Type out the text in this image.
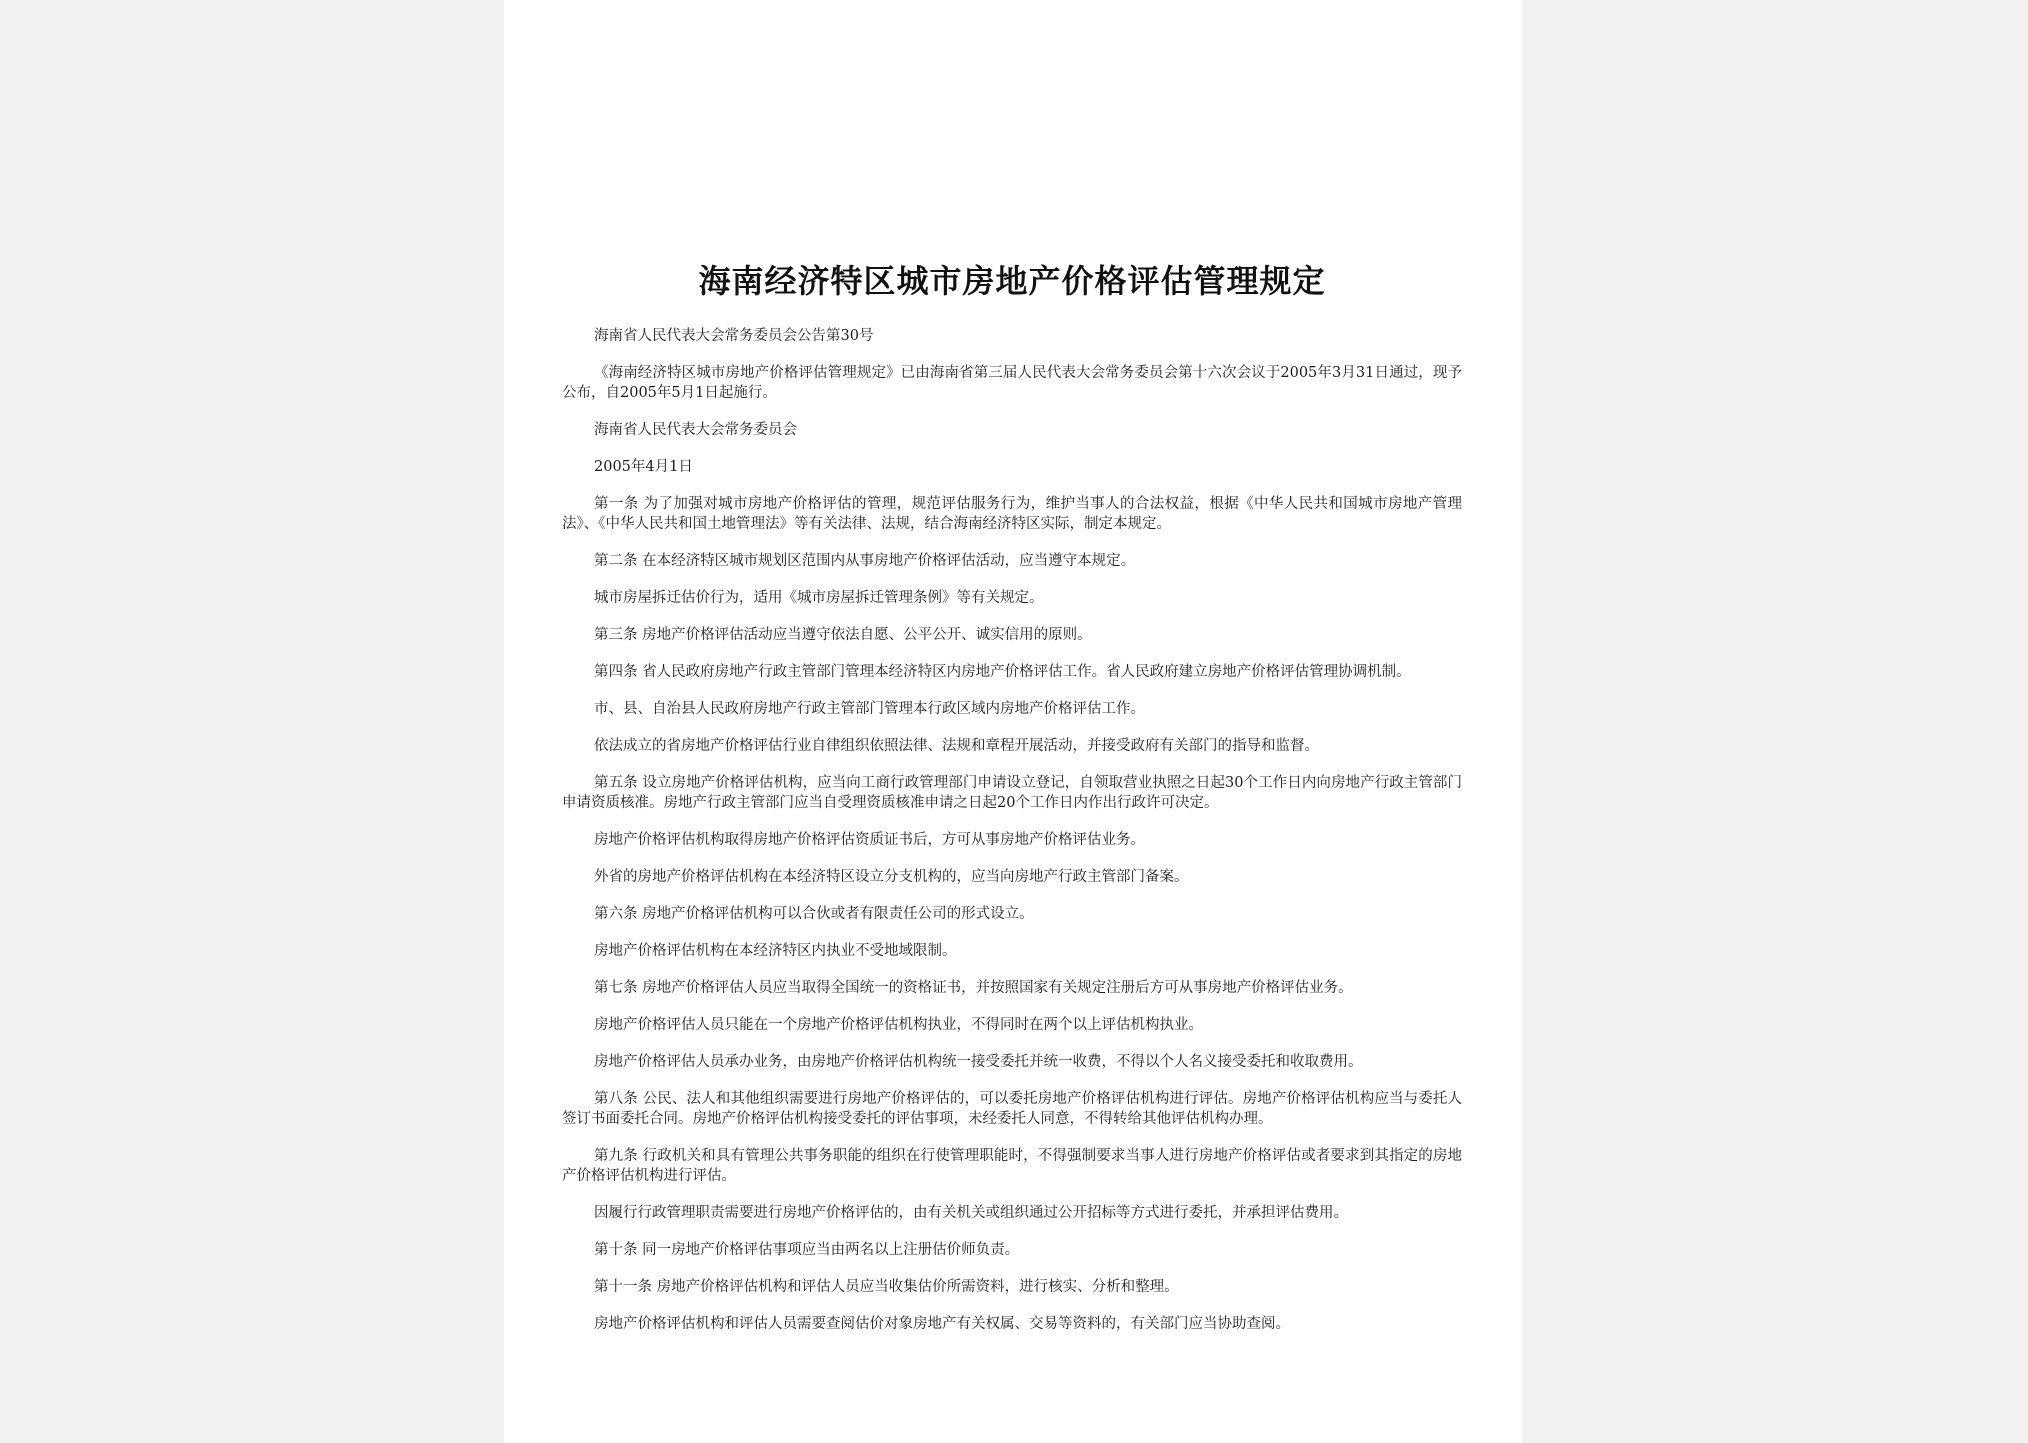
海南经济特区城市房地产价格评估管理规定

海南省人民代表大会常务委员会公告第30号

《海南经济特区城市房地产价格评估管理规定》已由海南省第三届人民代表大会常务委员会第十六次会议于2005年3月31日通过，现予公布，自2005年5月1日起施行。

海南省人民代表大会常务委员会

2005年4月1日

第一条 为了加强对城市房地产价格评估的管理，规范评估服务行为，维护当事人的合法权益，根据《中华人民共和国城市房地产管理法》、《中华人民共和国土地管理法》等有关法律、法规，结合海南经济特区实际，制定本规定。

第二条 在本经济特区城市规划区范围内从事房地产价格评估活动，应当遵守本规定。

城市房屋拆迁估价行为，适用《城市房屋拆迁管理条例》等有关规定。

第三条 房地产价格评估活动应当遵守依法自愿、公平公开、诚实信用的原则。

第四条 省人民政府房地产行政主管部门管理本经济特区内房地产价格评估工作。省人民政府建立房地产价格评估管理协调机制。

市、县、自治县人民政府房地产行政主管部门管理本行政区域内房地产价格评估工作。

依法成立的省房地产价格评估行业自律组织依照法律、法规和章程开展活动，并接受政府有关部门的指导和监督。

第五条 设立房地产价格评估机构，应当向工商行政管理部门申请设立登记，自领取营业执照之日起30个工作日内向房地产行政主管部门申请资质核准。房地产行政主管部门应当自受理资质核准申请之日起20个工作日内作出行政许可决定。

房地产价格评估机构取得房地产价格评估资质证书后，方可从事房地产价格评估业务。

外省的房地产价格评估机构在本经济特区设立分支机构的，应当向房地产行政主管部门备案。

第六条 房地产价格评估机构可以合伙或者有限责任公司的形式设立。

房地产价格评估机构在本经济特区内执业不受地域限制。

第七条 房地产价格评估人员应当取得全国统一的资格证书，并按照国家有关规定注册后方可从事房地产价格评估业务。

房地产价格评估人员只能在一个房地产价格评估机构执业，不得同时在两个以上评估机构执业。

房地产价格评估人员承办业务，由房地产价格评估机构统一接受委托并统一收费，不得以个人名义接受委托和收取费用。

第八条 公民、法人和其他组织需要进行房地产价格评估的，可以委托房地产价格评估机构进行评估。房地产价格评估机构应当与委托人签订书面委托合同。房地产价格评估机构接受委托的评估事项，未经委托人同意，不得转给其他评估机构办理。

第九条 行政机关和具有管理公共事务职能的组织在行使管理职能时，不得强制要求当事人进行房地产价格评估或者要求到其指定的房地产价格评估机构进行评估。

因履行行政管理职责需要进行房地产价格评估的，由有关机关或组织通过公开招标等方式进行委托，并承担评估费用。

第十条 同一房地产价格评估事项应当由两名以上注册估价师负责。

第十一条 房地产价格评估机构和评估人员应当收集估价所需资料，进行核实、分析和整理。

房地产价格评估机构和评估人员需要查阅估价对象房地产有关权属、交易等资料的，有关部门应当协助查阅。
